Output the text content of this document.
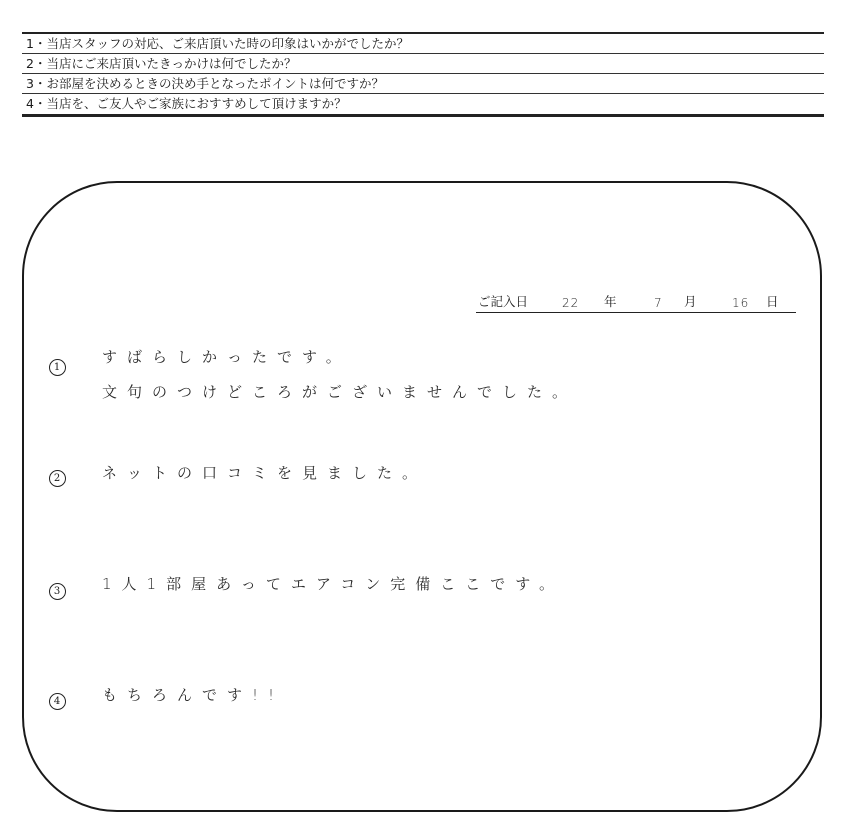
1・当店スタッフの対応、ご来店頂いた時の印象はいかがでしたか？
2・当店にご来店頂いたきっかけは何でしたか？
3・お部屋を決めるときの決め手となったポイントは何ですか？
4・当店を、ご友人やご家族におすすめして頂けますか？
ご記入日	22 年	7 月	16 日
1
すばらしかったです。
文句のつけどころがございませんでした。
2	ネットの口コミを見ました。
3	1人1部屋あってエアコン完備ここです。
4	もちろんです!!
